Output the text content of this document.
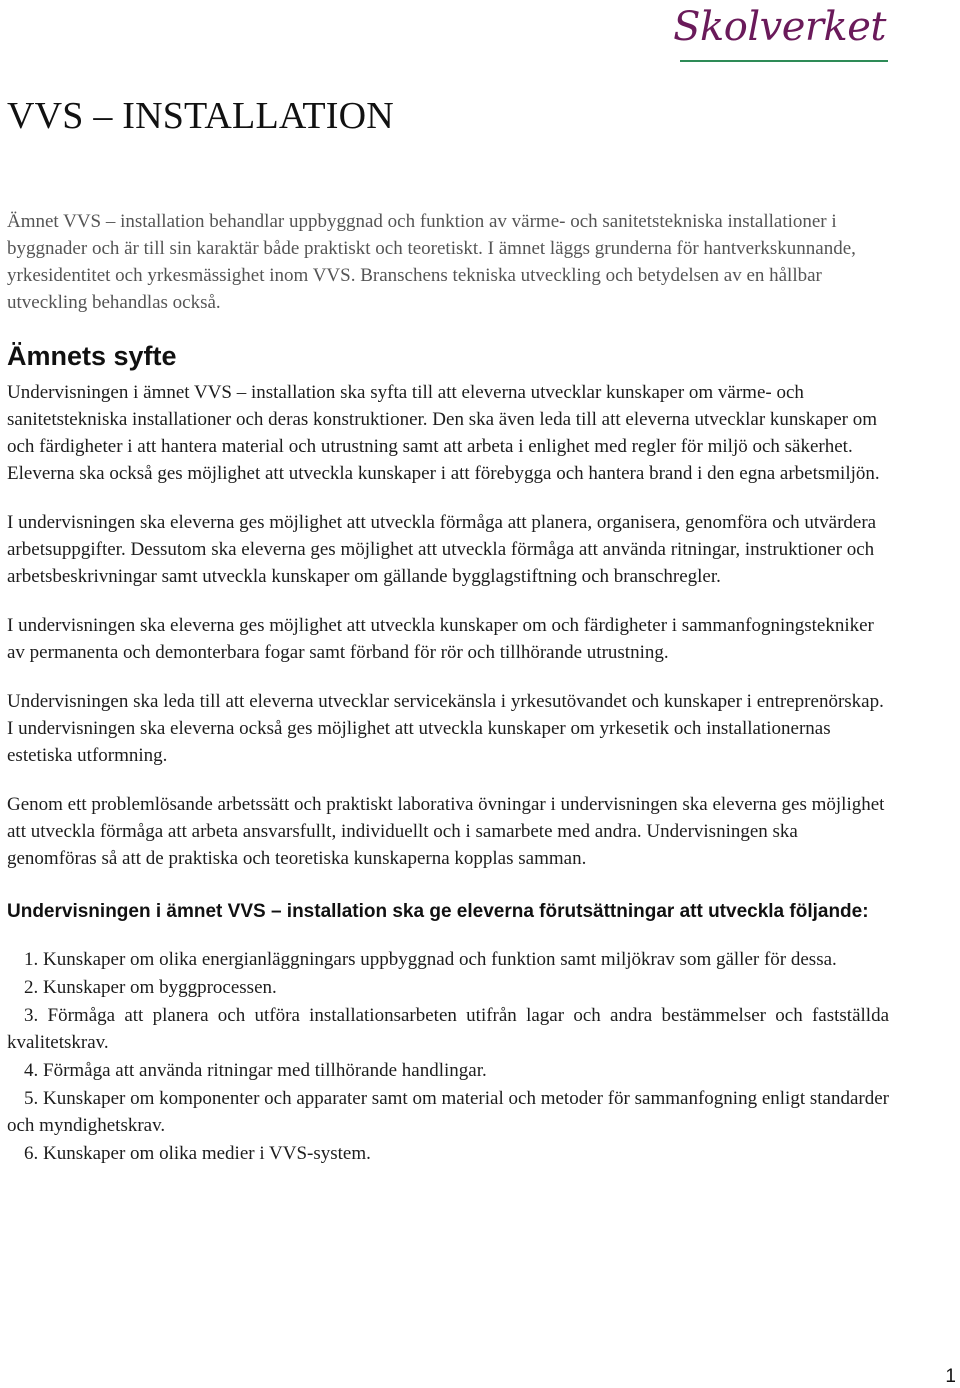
Skolverket
VVS – INSTALLATION

Ämnet VVS – installation behandlar uppbyggnad och funktion av värme- och sanitetstekniska installationer i byggnader och är till sin karaktär både praktiskt och teoretiskt. I ämnet läggs grunderna för hantverkskunnande, yrkesidentitet och yrkesmässighet inom VVS. Branschens tekniska utveckling och betydelsen av en hållbar utveckling behandlas också.

Ämnets syfte

Undervisningen i ämnet VVS – installation ska syfta till att eleverna utvecklar kunskaper om värme- och sanitetstekniska installationer och deras konstruktioner. Den ska även leda till att eleverna utvecklar kunskaper om och färdigheter i att hantera material och utrustning samt att arbeta i enlighet med regler för miljö och säkerhet. Eleverna ska också ges möjlighet att utveckla kunskaper i att förebygga och hantera brand i den egna arbetsmiljön.

I undervisningen ska eleverna ges möjlighet att utveckla förmåga att planera, organisera, genomföra och utvärdera arbetsuppgifter. Dessutom ska eleverna ges möjlighet att utveckla förmåga att använda ritningar, instruktioner och arbetsbeskrivningar samt utveckla kunskaper om gällande bygglagstiftning och branschregler.

I undervisningen ska eleverna ges möjlighet att utveckla kunskaper om och färdigheter i sammanfogningstekniker av permanenta och demonterbara fogar samt förband för rör och tillhörande utrustning.

Undervisningen ska leda till att eleverna utvecklar servicekänsla i yrkesutövandet och kunskaper i entreprenörskap. I undervisningen ska eleverna också ges möjlighet att utveckla kunskaper om yrkesetik och installationernas estetiska utformning.

Genom ett problemlösande arbetssätt och praktiskt laborativa övningar i undervisningen ska eleverna ges möjlighet att utveckla förmåga att arbeta ansvarsfullt, individuellt och i samarbete med andra. Undervisningen ska genomföras så att de praktiska och teoretiska kunskaperna kopplas samman.

Undervisningen i ämnet VVS – installation ska ge eleverna förutsättningar att utveckla följande:

1. Kunskaper om olika energianläggningars uppbyggnad och funktion samt miljökrav som gäller för dessa.
2. Kunskaper om byggprocessen.
3. Förmåga att planera och utföra installationsarbeten utifrån lagar och andra bestämmelser och fastställda kvalitetskrav.
4. Förmåga att använda ritningar med tillhörande handlingar.
5. Kunskaper om komponenter och apparater samt om material och metoder för sammanfogning enligt standarder och myndighetskrav.
6. Kunskaper om olika medier i VVS-system.
1
